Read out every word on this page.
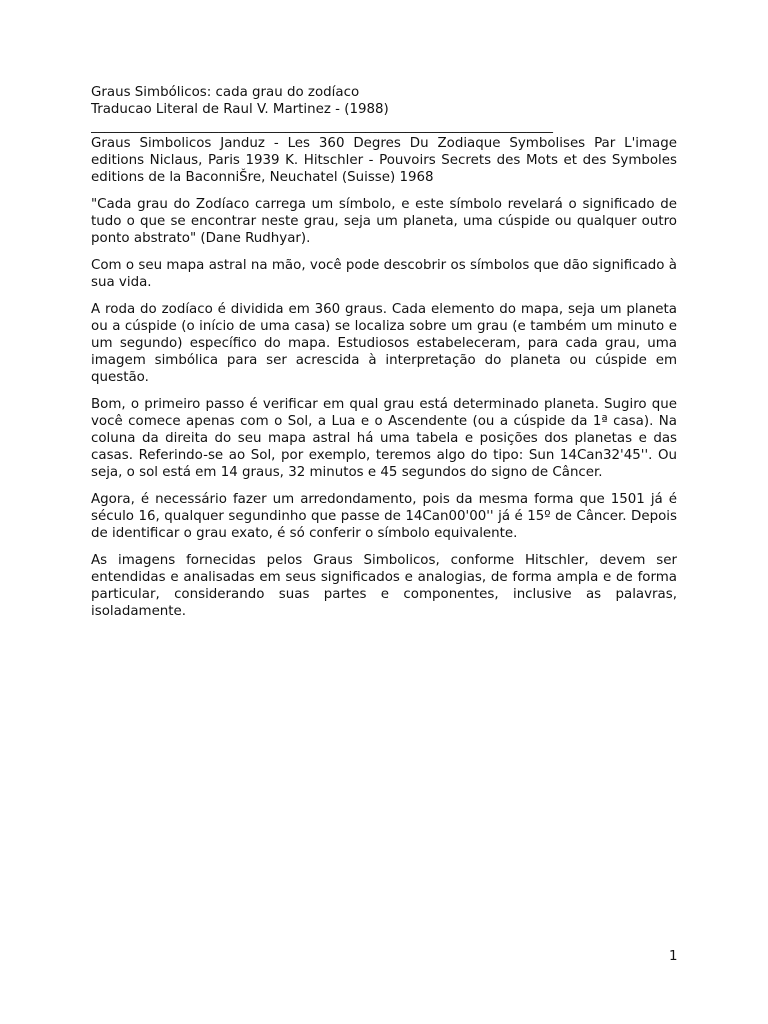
Graus Simbólicos: cada grau do zodíaco

Traducao Literal de Raul V. Martinez - (1988)

_____________________________________________________________________

Graus Simbolicos Janduz - Les 360 Degres Du Zodiaque Symbolises Par L'image editions Niclaus, Paris 1939 K. Hitschler - Pouvoirs Secrets des Mots et des Symboles editions de la BaconniŠre, Neuchatel (Suisse) 1968

"Cada grau do Zodíaco carrega um símbolo, e este símbolo revelará o significado de tudo o que se encontrar neste grau, seja um planeta, uma cúspide ou qualquer outro ponto abstrato" (Dane Rudhyar).

Com o seu mapa astral na mão, você pode descobrir os símbolos que dão significado à sua vida.

A roda do zodíaco é dividida em 360 graus. Cada elemento do mapa, seja um planeta ou a cúspide (o início de uma casa) se localiza sobre um grau (e também um minuto e um segundo) específico do mapa. Estudiosos estabeleceram, para cada grau, uma imagem simbólica para ser acrescida à interpretação do planeta ou cúspide em questão.

Bom, o primeiro passo é verificar em qual grau está determinado planeta. Sugiro que você comece apenas com o Sol, a Lua e o Ascendente (ou a cúspide da 1ª casa). Na coluna da direita do seu mapa astral há uma tabela e posições dos planetas e das casas. Referindo-se ao Sol, por exemplo, teremos algo do tipo: Sun 14Can32'45''. Ou seja, o sol está em 14 graus, 32 minutos e 45 segundos do signo de Câncer.

Agora, é necessário fazer um arredondamento, pois da mesma forma que 1501 já é século 16, qualquer segundinho que passe de 14Can00'00'' já é 15º de Câncer. Depois de identificar o grau exato, é só conferir o símbolo equivalente.

As imagens fornecidas pelos Graus Simbolicos, conforme Hitschler, devem ser entendidas e analisadas em seus significados e analogias, de forma ampla e de forma particular, considerando suas partes e componentes, inclusive as palavras, isoladamente.

1
